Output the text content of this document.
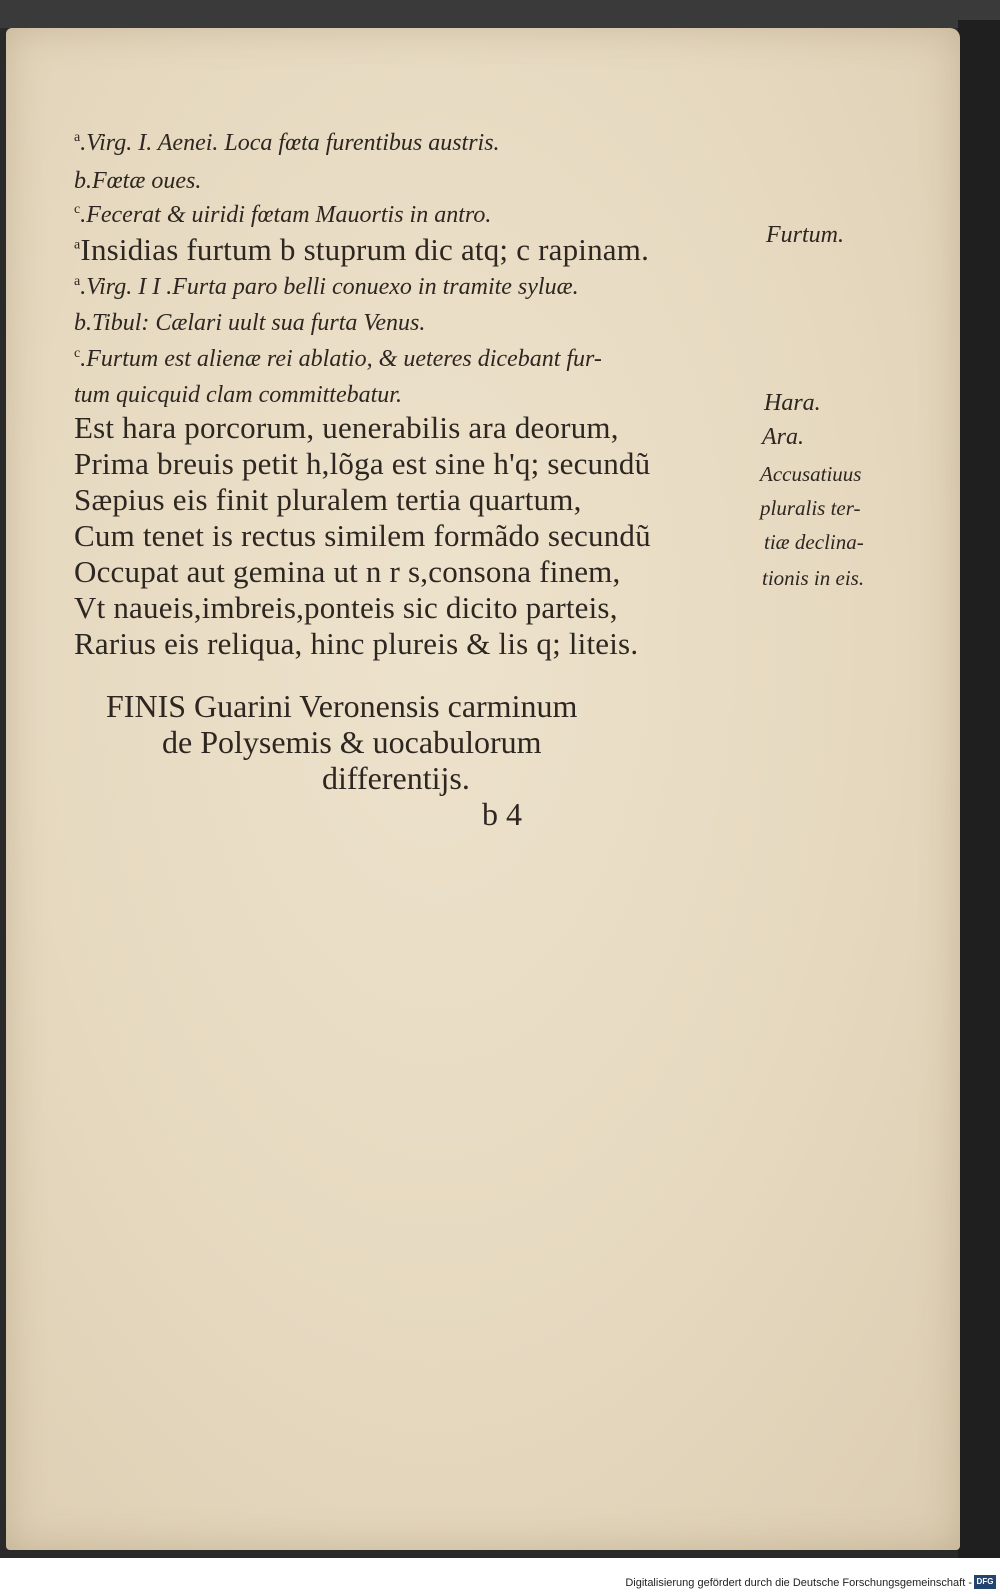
$^a$.Virg. I. Aenei. Loca fœta furentibus austris.
b.Fœtæ oues.
$^c$.Fecerat & uiridi fœtam Mauortis in antro.
$^a$Insidias furtum b stuprum dic atq; c rapinam.
$^a$.Virg. I I .Furta paro belli conuexo in tramite syluæ.
b.Tibul: Cælari uult sua furta Venus.
$^c$.Furtum est alienæ rei ablatio, & ueteres dicebant fur-
tum quicquid clam committebatur.
Est hara porcorum, uenerabilis ara deorum,
Prima breuis petit h,lõga est sine h'q; secundũ
Sæpius eis finit pluralem tertia quartum,
Cum tenet is rectus similem formãdo secundũ
Occupat aut gemina ut n r s,consona finem,
Vt naueis,imbreis,ponteis sic dicito parteis,
Rarius eis reliqua, hinc plureis & lis q; liteis.
Furtum.
Hara.
Ara.
Accusatiuus
pluralis ter-
tiæ declina-
tionis in eis.
FINIS Guarini Veronensis carminum
de Polysemis & uocabulorum
differentijs.
b 4
Digitalisierung gefördert durch die Deutsche Forschungsgemeinschaft - DFG
